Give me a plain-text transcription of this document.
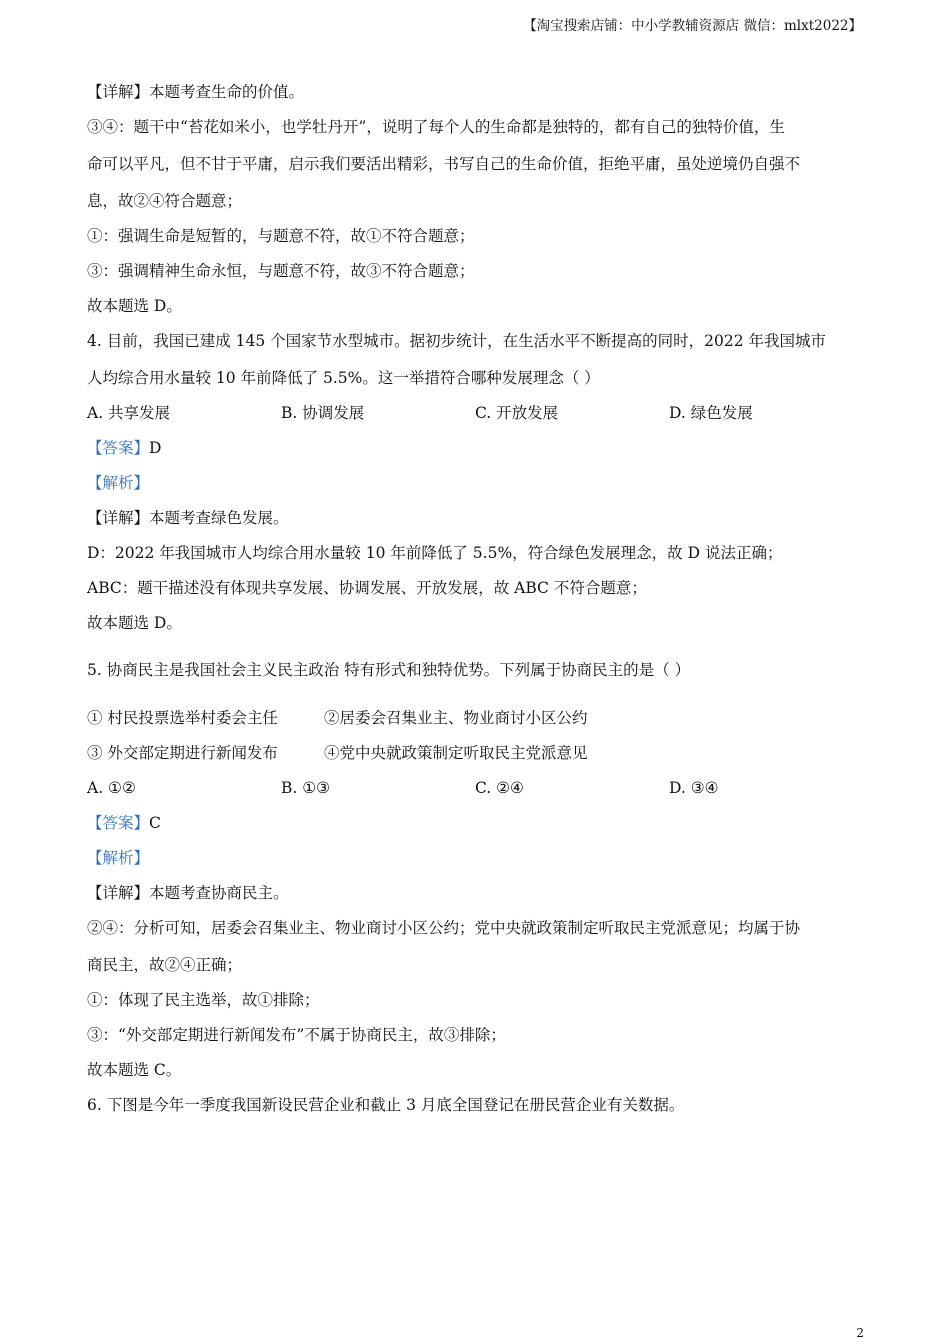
【淘宝搜索店铺：中小学教辅资源店 微信：mlxt2022】
【详解】本题考查生命的价值。
③④：题干中“苔花如米小，也学牡丹开”，说明了每个人的生命都是独特的，都有自己的独特价值，生
命可以平凡，但不甘于平庸，启示我们要活出精彩，书写自己的生命价值，拒绝平庸，虽处逆境仍自强不
息，故②④符合题意；
①：强调生命是短暂的，与题意不符，故①不符合题意；
③：强调精神生命永恒，与题意不符，故③不符合题意；
故本题选 D。
4. 目前，我国已建成 145 个国家节水型城市。据初步统计，在生活水平不断提高的同时，2022 年我国城市
人均综合用水量较 10 年前降低了 5.5%。这一举措符合哪种发展理念（ ）
A. 共享发展	B. 协调发展	C. 开放发展	D. 绿色发展
【答案】D
【解析】
【详解】本题考查绿色发展。
D：2022 年我国城市人均综合用水量较 10 年前降低了 5.5%，符合绿色发展理念，故 D 说法正确；
ABC：题干描述没有体现共享发展、协调发展、开放发展，故 ABC 不符合题意；
故本题选 D。
5. 协商民主是我国社会主义民主政治 特有形式和独特优势。下列属于协商民主的是（ ）
① 村民投票选举村委会主任	②居委会召集业主、物业商讨小区公约
③ 外交部定期进行新闻发布	④党中央就政策制定听取民主党派意见
A. ①②	B. ①③	C. ②④	D. ③④
【答案】C
【解析】
【详解】本题考查协商民主。
②④：分析可知，居委会召集业主、物业商讨小区公约；党中央就政策制定听取民主党派意见；均属于协
商民主，故②④正确；
①：体现了民主选举，故①排除；
③：“外交部定期进行新闻发布”不属于协商民主，故③排除；
故本题选 C。
6. 下图是今年一季度我国新设民营企业和截止 3 月底全国登记在册民营企业有关数据。
2
